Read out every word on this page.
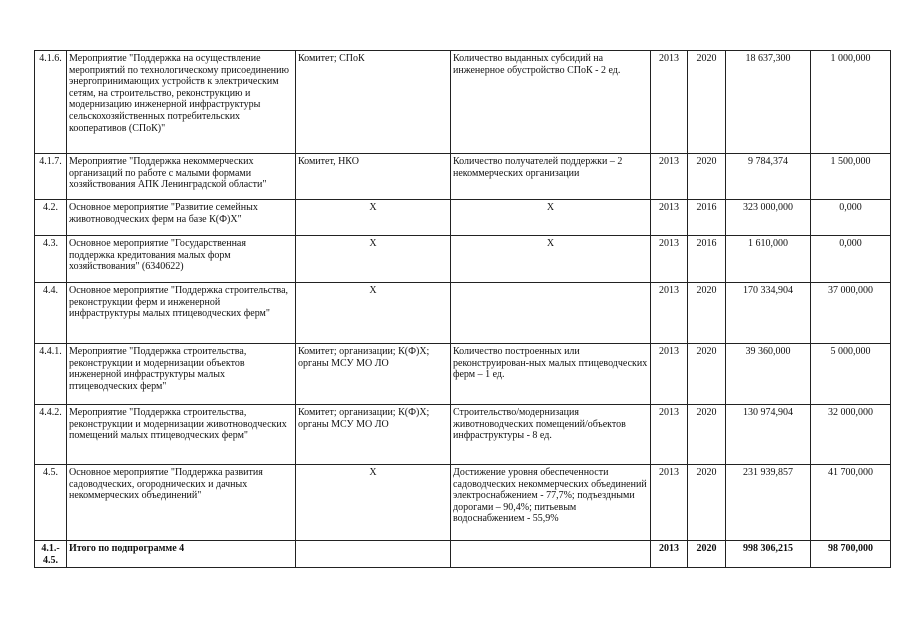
4.1.6.	Мероприятие "Поддержка на осуществление мероприятий по технологическому присоединению энергопринимающих устройств к электрическим сетям, на строительство, реконструкцию и модернизацию инженерной инфраструктуры сельскохозяйственных потребительских кооперативов (СПоК)"	Комитет; СПоК	Количество выданных субсидий на инженерное обустройство СПоК - 2 ед.	2013	2020	18 637,300	1 000,000
4.1.7.	Мероприятие "Поддержка некоммерческих организаций по работе с малыми формами хозяйствования АПК Ленинградской области"	Комитет, НКО	Количество получателей поддержки – 2 некоммерческих организации	2013	2020	9 784,374	1 500,000
4.2.	Основное мероприятие "Развитие семейных животноводческих ферм на базе К(Ф)Х"	Х	Х	2013	2016	323 000,000	0,000
4.3.	Основное мероприятие "Государственная поддержка кредитования малых форм хозяйствования" (6340622)	Х	Х	2013	2016	1 610,000	0,000
4.4.	Основное мероприятие "Поддержка строительства, реконструкции ферм и инженерной инфраструктуры малых птицеводческих ферм"	Х		2013	2020	170 334,904	37 000,000
4.4.1.	Мероприятие "Поддержка строительства, реконструкции и модернизации объектов инженерной инфраструктуры малых птицеводческих ферм"	Комитет; организации; К(Ф)Х; органы МСУ МО ЛО	Количество построенных или реконструирован-ных малых птицеводческих ферм – 1 ед.	2013	2020	39 360,000	5 000,000
4.4.2.	Мероприятие "Поддержка строительства, реконструкции и модернизации животноводческих помещений малых птицеводческих ферм"	Комитет; организации; К(Ф)Х; органы МСУ МО ЛО	Строительство/модернизация животноводческих помещений/объектов инфраструктуры - 8 ед.	2013	2020	130 974,904	32 000,000
4.5.	Основное мероприятие "Поддержка развития садоводческих, огороднических и дачных некоммерческих объединений"	Х	Достижение уровня обеспеченности садоводческих некоммерческих объединений электроснабжением - 77,7%; подъездными дорогами – 90,4%; питьевым водоснабжением - 55,9%	2013	2020	231 939,857	41 700,000
4.1.- 4.5.	Итого по подпрограмме 4			2013	2020	998 306,215	98 700,000
